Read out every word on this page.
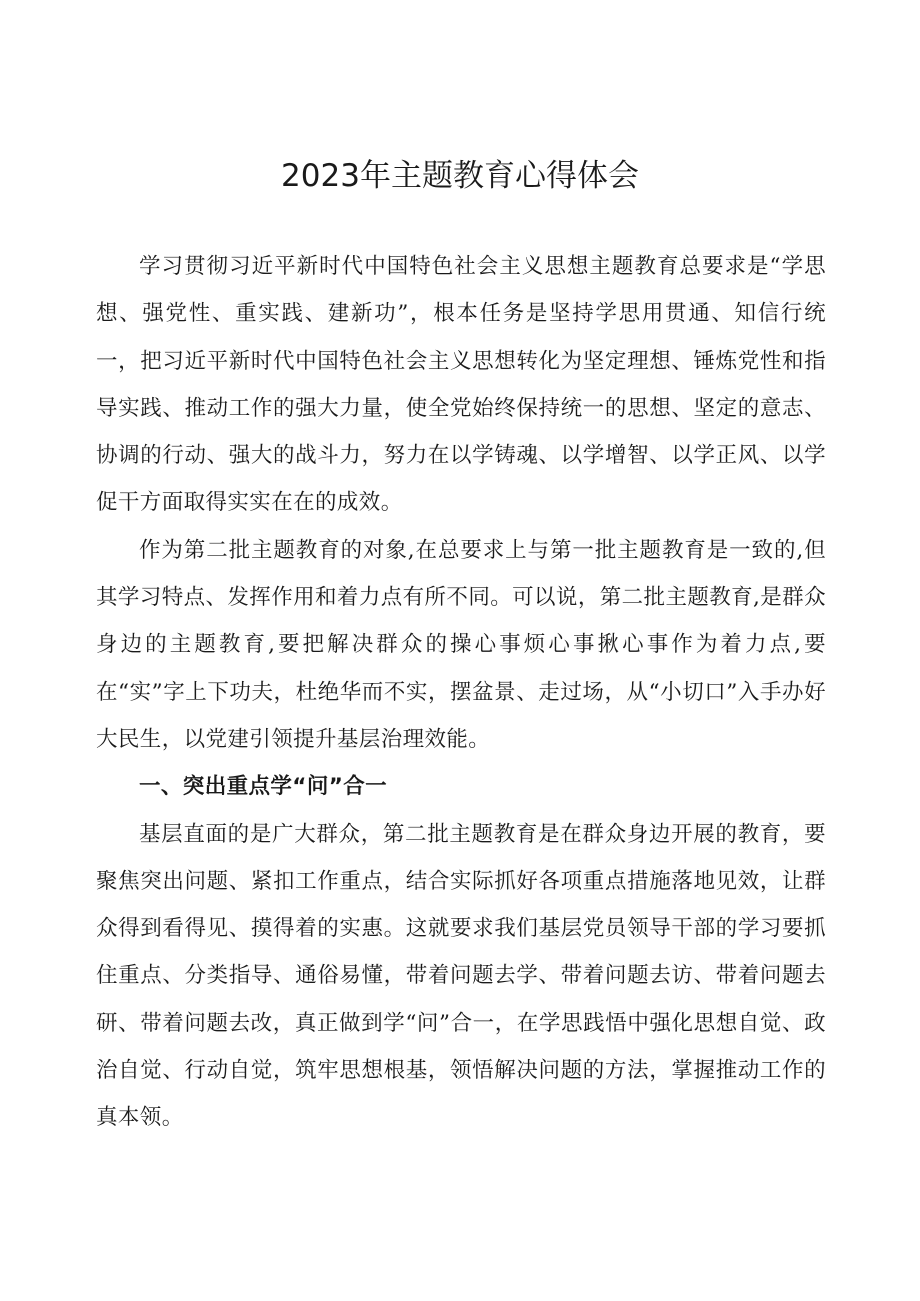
2023年主题教育心得体会

学习贯彻习近平新时代中国特色社会主义思想主题教育总要求是“学思想、强党性、重实践、建新功”，根本任务是坚持学思用贯通、知信行统一，把习近平新时代中国特色社会主义思想转化为坚定理想、锤炼党性和指导实践、推动工作的强大力量，使全党始终保持统一的思想、坚定的意志、协调的行动、强大的战斗力，努力在以学铸魂、以学增智、以学正风、以学促干方面取得实实在在的成效。

作为第二批主题教育的对象,在总要求上与第一批主题教育是一致的,但其学习特点、发挥作用和着力点有所不同。可以说，第二批主题教育,是群众身边的主题教育,要把解决群众的操心事烦心事揪心事作为着力点,要在“实”字上下功夫，杜绝华而不实，摆盆景、走过场，从“小切口”入手办好大民生，以党建引领提升基层治理效能。

一、突出重点学“问”合一

基层直面的是广大群众，第二批主题教育是在群众身边开展的教育，要聚焦突出问题、紧扣工作重点，结合实际抓好各项重点措施落地见效，让群众得到看得见、摸得着的实惠。这就要求我们基层党员领导干部的学习要抓住重点、分类指导、通俗易懂，带着问题去学、带着问题去访、带着问题去研、带着问题去改，真正做到学“问”合一，在学思践悟中强化思想自觉、政治自觉、行动自觉，筑牢思想根基，领悟解决问题的方法，掌握推动工作的真本领。
